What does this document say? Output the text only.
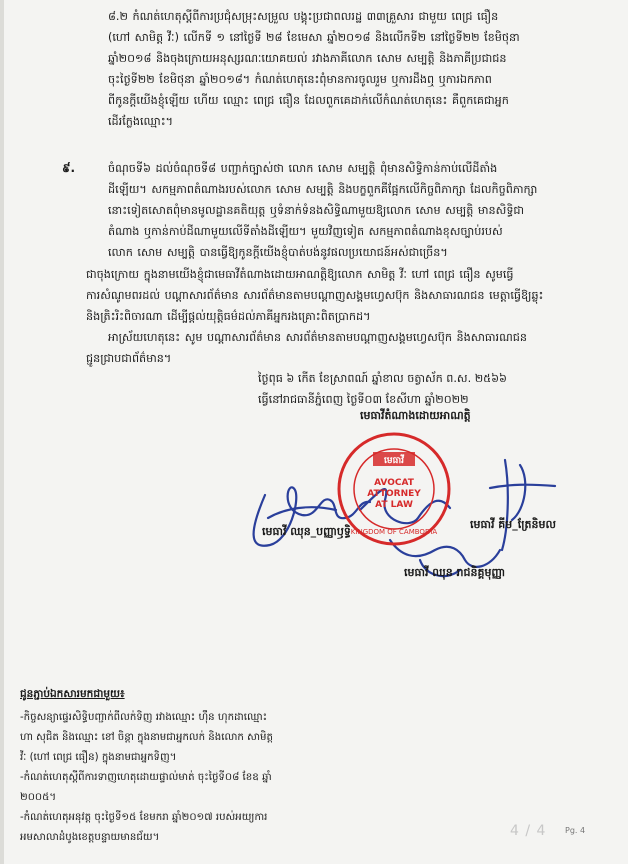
៨.២ កំណត់ហេតុស្ដីពីការប្រជុំសម្រុះសម្រួល បង្គុះប្រជាពលរដ្ឋ ៣៣គ្រួសារ ជាមួយ ពេជ្រ ធឿន
(ហៅ សាមិត្ត វីៈ) លើកទី ១ នៅថ្ងៃទី ២៨ ខែមេសា ឆ្នាំ២០១៨ និងលើកទី២ នៅថ្ងៃទី២២ ខែមិថុនា
ឆ្នាំ២០១៨ និងចុងក្រោយអនុស្សរណៈយោគយល់ រវាងភាគីលោក សោម សម្បត្តិ និងភាគីប្រជាជន
ចុះថ្ងៃទី២២ ខែមិថុនា ឆ្នាំ២០១៨។ កំណត់ហេតុនេះពុំមានការចូលរួម ឬការដឹងឮ ឬការឯកភាព
ពីកូនក្ដីយើងខ្ញុំឡើយ ហើយ ឈ្មោះ ពេជ្រ ធឿន ដែលពួកគេដាក់លើកំណត់ហេតុនេះ គឺពួកគេជាអ្នក
ដើរក្លែងឈ្មោះ។
៩.	ចំណុចទី៦ ដល់ចំណុចទី៨ បញ្ជាក់ច្បាស់ថា លោក សោម សម្បត្តិ ពុំមានសិទ្ធិកាន់កាប់លើដីតាំង
ដីឡើយ។ សកម្មភាពតំណាងរបស់លោក សោម សម្បត្តិ និងបក្ខពួកគឺផ្អែកលើកិច្ចពិភាក្សា ដែលកិច្ចពិភាក្សា
នោះទៀតសោតពុំមានមូលដ្ឋានគតិយុត្ត ឬទំនាក់ទំនងសិទ្ធិណាមួយឱ្យលោក សោម សម្បត្តិ មានសិទ្ធិជា
តំណាង ឬកាន់កាប់ដីណាមួយលើទីតាំងដីឡើយ។ មួយវិញទៀត សកម្មភាពតំណាងខុសច្បាប់របស់
លោក សោម សម្បត្តិ បានធ្វើឱ្យកូនក្ដីយើងខ្ញុំបាត់បង់នូវផលប្រយោជន៍អស់ជាច្រើន។
ជាចុងក្រោយ ក្នុងនាមយើងខ្ញុំជាមេធាវីតំណាងដោយអាណត្តិឱ្យលោក សាមិត្ត វីៈ ហៅ ពេជ្រ ធឿន សូមធ្វើ
ការសំណូមពរដល់ បណ្ដាសារព័ត៌មាន សារព័ត៌មានតាមបណ្ដាញសង្គមហ្វេសប៊ុក និងសាធារណជន មេត្តាធ្វើឱ្យឆ្លុះ
និងត្រិះរិះពិចារណា ដើម្បីផ្ដល់យុត្តិធម៌ដល់ភាគីអ្នករងគ្រោះពិតប្រាកដ។
អាស្រ័យហេតុនេះ សូម បណ្ដាសារព័ត៌មាន សារព័ត៌មានតាមបណ្ដាញសង្គមហ្វេសប៊ុក និងសាធារណជន
ជ្ជូនជ្រាបជាព័ត៌មាន។
ថ្ងៃពុធ ៦ កើត ខែស្រាពណ៍ ឆ្នាំខាល ចត្វាស័ក ព.ស. ២៥៦៦
ធ្វើនៅរាជធានីភ្នំពេញ ថ្ងៃទី០៣ ខែសីហា ឆ្នាំ២០២២
មេធាវីតំណាងដោយអាណត្តិ
មេធាវី
AVOCAT
ATTORNEY
AT LAW
KINGDOM OF CAMBODIA
មេធាវី គីម_ត្រែនិមល
មេធាវី ឈុន_បញ្ញាឫទ្ធិ
មេធាវី ឈុន រាជនិគ្គមុញ្ញា
ជូនភ្ជាប់ឯកសារមកជាមួយ៖
-កិច្ចសន្យាផ្ទេរសិទ្ធិបញ្ជាក់ពីលក់ទិញ រវាងឈ្មោះ ហ៊ឹន ហុកដាឈ្មោះ
ហា សុជិត និងឈ្មោះ ខៅ ចិន្តា ក្នុងនាមជាអ្នកលក់ និងលោក សាមិត្ត
វីៈ (ហៅ ពេជ្រ ធឿន) ក្នុងនាមជាអ្នកទិញ។
-កំណត់ហេតុស្ដីពីការទាញហេតុដោយផ្ទាល់មាត់ ចុះថ្ងៃទី០៨ ខែឧ ឆ្នាំ
២០០៥។
-កំណត់ហេតុអនុវត្ត ចុះថ្ងៃទី១៥ ខែមករា ឆ្នាំ២០១៧ របស់អយ្យការ
អមសាលាដំបូងខេត្តបន្ទាយមានជ័យ។	4 / 4 Pg. 4
